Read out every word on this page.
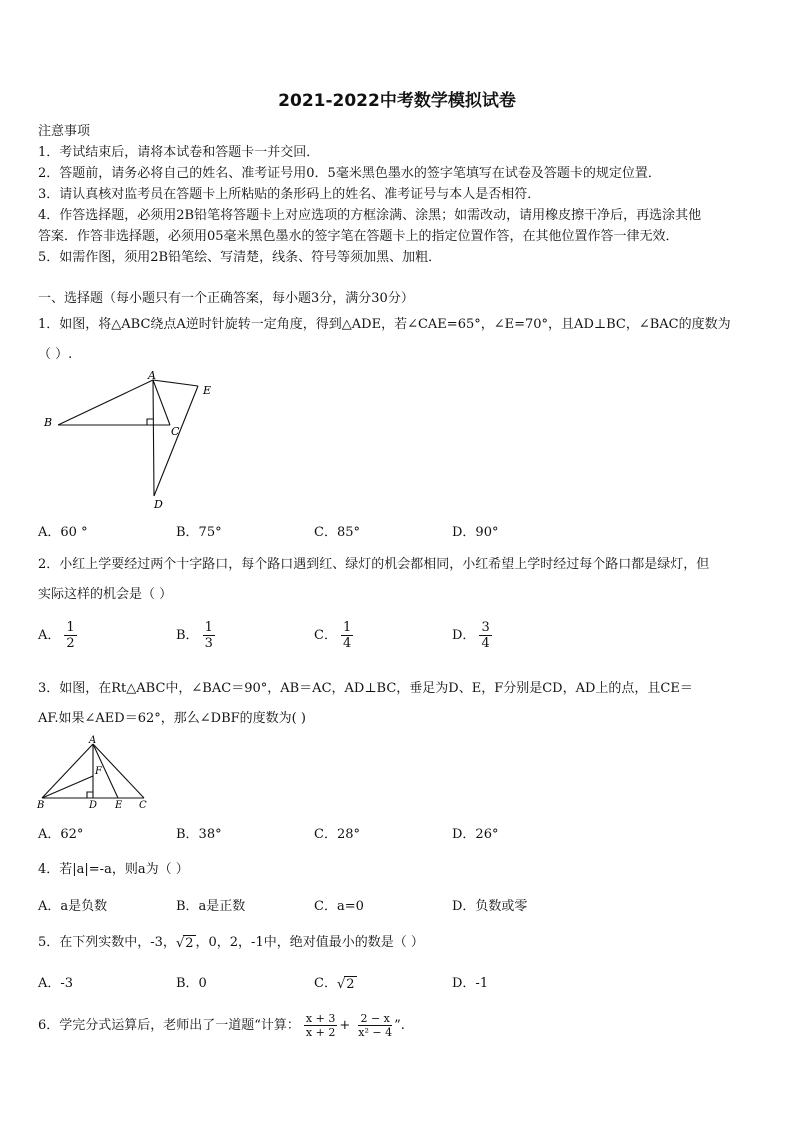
2021-2022中考数学模拟试卷
注意事项
1．考试结束后，请将本试卷和答题卡一并交回．
2．答题前，请务必将自己的姓名、准考证号用0．5毫米黑色墨水的签字笔填写在试卷及答题卡的规定位置．
3．请认真核对监考员在答题卡上所粘贴的条形码上的姓名、准考证号与本人是否相符．
4．作答选择题，必须用2B铅笔将答题卡上对应选项的方框涂满、涂黑；如需改动，请用橡皮擦干净后，再选涂其他
答案．作答非选择题，必须用05毫米黑色墨水的签字笔在答题卡上的指定位置作答，在其他位置作答一律无效．
5．如需作图，须用2B铅笔绘、写清楚，线条、符号等须加黑、加粗．
一、选择题（每小题只有一个正确答案，每小题3分，满分30分）
1．如图，将△ABC绕点A逆时针旋转一定角度，得到△ADE，若∠CAE=65°，∠E=70°，且AD⊥BC，∠BAC的度数为
（ ）.
A
B
C
D
E
A．60 °	B．75°	C．85°	D．90°
2．小红上学要经过两个十字路口，每个路口遇到红、绿灯的机会都相同，小红希望上学时经过每个路口都是绿灯，但
实际这样的机会是（ ）
A． $\frac{1}{2}$	B． $\frac{1}{3}$	C． $\frac{1}{4}$	D． $\frac{3}{4}$
3．如图，在Rt△ABC中，∠BAC＝90°，AB＝AC，AD⊥BC，垂足为D、E，F分别是CD，AD上的点，且CE＝
AF.如果∠AED＝62°，那么∠DBF的度数为( )
A
F
B	D E C
A．62°	B．38°	C．28°	D．26°
4．若|a|=-a，则a为（ ）
A．a是负数	B．a是正数	C．a=0	D．负数或零
5．在下列实数中，-3，√2 ，0，2，-1中，绝对值最小的数是（ ）
A．-3	B．0	C．√2	D．-1
6．学完分式运算后，老师出了一道题“计算： $\frac{x + 3}{x + 2} + \frac{2 - x}{\text{x² − 4}}$ ”.
